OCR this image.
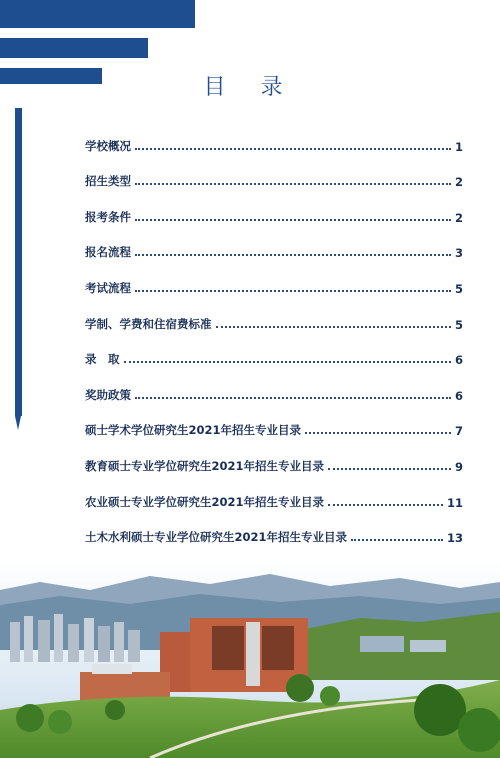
目 录
学校概况	1
招生类型	2
报考条件	2
报名流程	3
考试流程	5
学制、学费和住宿费标准	5
录　取	6
奖助政策	6
硕士学术学位研究生2021年招生专业目录	7
教育硕士专业学位研究生2021年招生专业目录	9
农业硕士专业学位研究生2021年招生专业目录	11
土木水利硕士专业学位研究生2021年招生专业目录	13
